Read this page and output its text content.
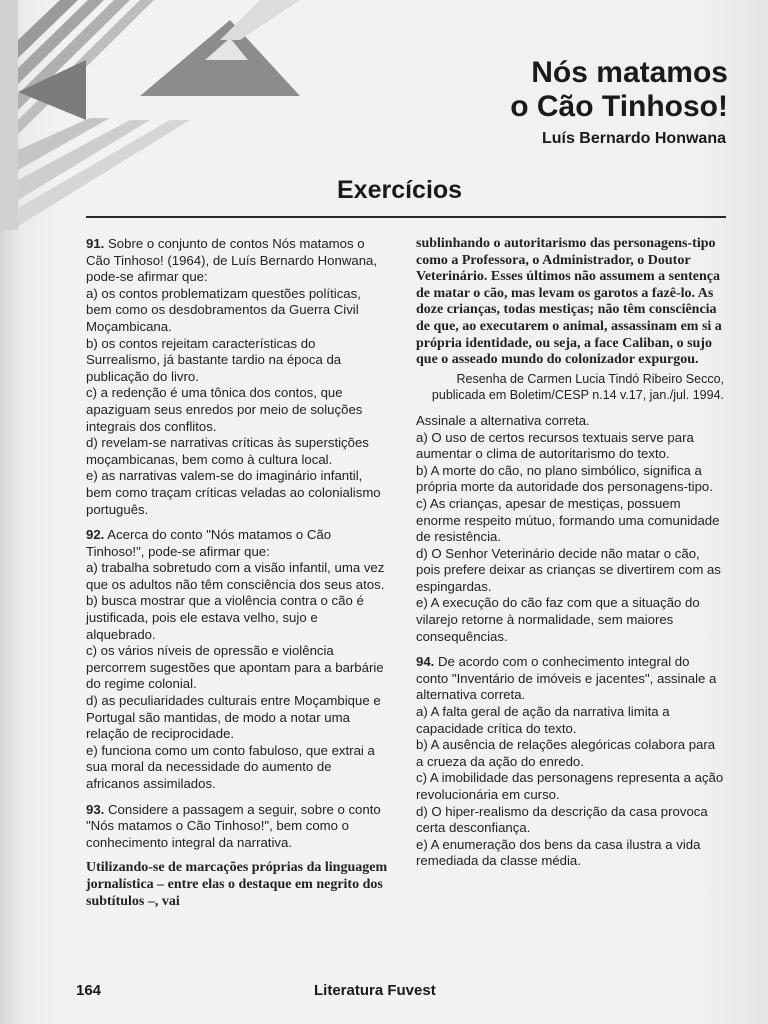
Nós matamos
o Cão Tinhoso!
Luís Bernardo Honwana
Exercícios

91. Sobre o conjunto de contos Nós matamos o Cão Tinhoso! (1964), de Luís Bernardo Honwana, pode-se afirmar que:

a) os contos problematizam questões políticas, bem como os desdobramentos da Guerra Civil Moçambicana.

b) os contos rejeitam características do Surrealismo, já bastante tardio na época da publicação do livro.

c) a redenção é uma tônica dos contos, que apaziguam seus enredos por meio de soluções integrais dos conflitos.

d) revelam-se narrativas críticas às superstições moçambicanas, bem como à cultura local.

e) as narrativas valem-se do imaginário infantil, bem como traçam críticas veladas ao colonialismo português.

92. Acerca do conto "Nós matamos o Cão Tinhoso!", pode-se afirmar que:

a) trabalha sobretudo com a visão infantil, uma vez que os adultos não têm consciência dos seus atos.

b) busca mostrar que a violência contra o cão é justificada, pois ele estava velho, sujo e alquebrado.

c) os vários níveis de opressão e violência percorrem sugestões que apontam para a barbárie do regime colonial.

d) as peculiaridades culturais entre Moçambique e Portugal são mantidas, de modo a notar uma relação de reciprocidade.

e) funciona como um conto fabuloso, que extrai a sua moral da necessidade do aumento de africanos assimilados.

93. Considere a passagem a seguir, sobre o conto "Nós matamos o Cão Tinhoso!", bem como o conhecimento integral da narrativa.

Utilizando-se de marcações próprias da linguagem jornalística – entre elas o destaque em negrito dos subtítulos –, vai

sublinhando o autoritarismo das personagens-tipo como a Professora, o Administrador, o Doutor Veterinário. Esses últimos não assumem a sentença de matar o cão, mas levam os garotos a fazê-lo. As doze crianças, todas mestiças; não têm consciência de que, ao executarem o animal, assassinam em si a própria identidade, ou seja, a face Caliban, o sujo que o asseado mundo do colonizador expurgou.

Resenha de Carmen Lucia Tindó Ribeiro Secco, publicada em Boletim/CESP n.14 v.17, jan./jul. 1994.

Assinale a alternativa correta.

a) O uso de certos recursos textuais serve para aumentar o clima de autoritarismo do texto.

b) A morte do cão, no plano simbólico, significa a própria morte da autoridade dos personagens-tipo.

c) As crianças, apesar de mestiças, possuem enorme respeito mútuo, formando uma comunidade de resistência.

d) O Senhor Veterinário decide não matar o cão, pois prefere deixar as crianças se divertirem com as espingardas.

e) A execução do cão faz com que a situação do vilarejo retorne à normalidade, sem maiores consequências.

94. De acordo com o conhecimento integral do conto "Inventário de imóveis e jacentes", assinale a alternativa correta.

a) A falta geral de ação da narrativa limita a capacidade crítica do texto.

b) A ausência de relações alegóricas colabora para a crueza da ação do enredo.

c) A imobilidade das personagens representa a ação revolucionária em curso.

d) O hiper-realismo da descrição da casa provoca certa desconfiança.

e) A enumeração dos bens da casa ilustra a vida remediada da classe média.

164	Literatura Fuvest
